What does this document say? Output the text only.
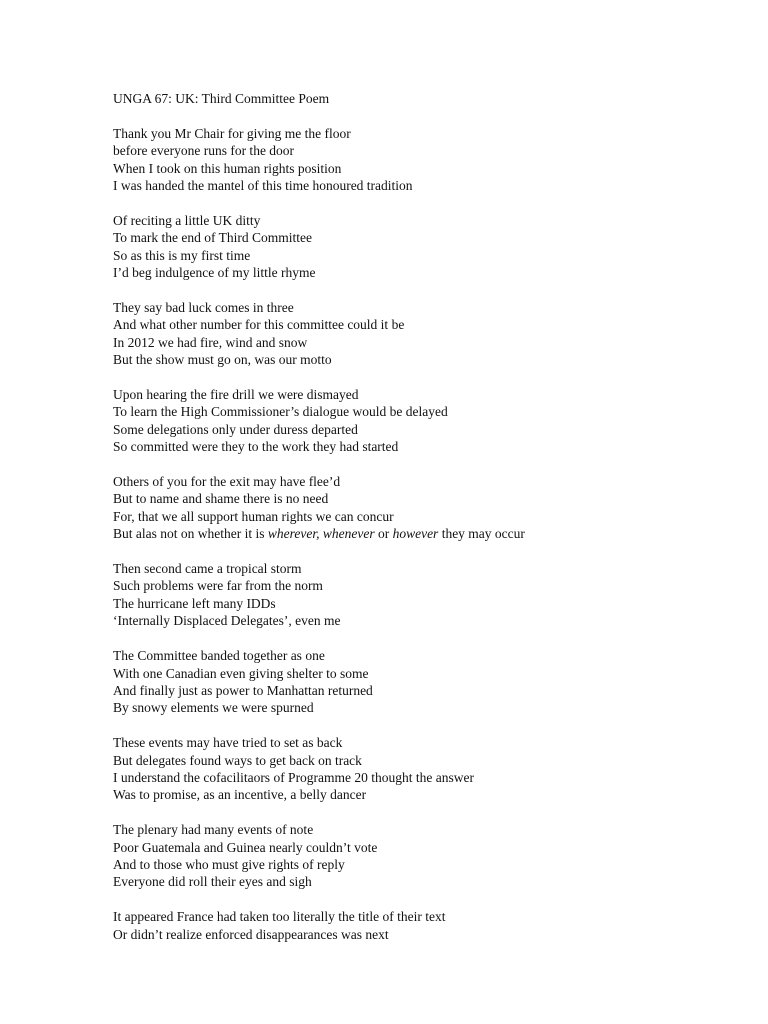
UNGA 67: UK: Third Committee Poem
Thank you Mr Chair for giving me the floor
before everyone runs for the door
When I took on this human rights position
I was handed the mantel of this time honoured tradition
Of reciting a little UK ditty
To mark the end of Third Committee
So as this is my first time
I’d beg indulgence of my little rhyme
They say bad luck comes in three
And what other number for this committee could it be
In 2012 we had fire, wind and snow
But the show must go on, was our motto
Upon hearing the fire drill we were dismayed
To learn the High Commissioner’s dialogue would be delayed
Some delegations only under duress departed
So committed were they to the work they had started
Others of you for the exit may have flee’d
But to name and shame there is no need
For, that we all support human rights we can concur
But alas not on whether it is wherever, whenever or however they may occur
Then second came a tropical storm
Such problems were far from the norm
The hurricane left many IDDs
‘Internally Displaced Delegates’, even me
The Committee banded together as one
With one Canadian even giving shelter to some
And finally just as power to Manhattan returned
By snowy elements we were spurned
These events may have tried to set as back
But delegates found ways to get back on track
I understand the cofacilitaors of Programme 20 thought the answer
Was to promise, as an incentive, a belly dancer
The plenary had many events of note
Poor Guatemala and Guinea nearly couldn’t vote
And to those who must give rights of reply
Everyone did roll their eyes and sigh
It appeared France had taken too literally the title of their text
Or didn’t realize enforced disappearances was next
